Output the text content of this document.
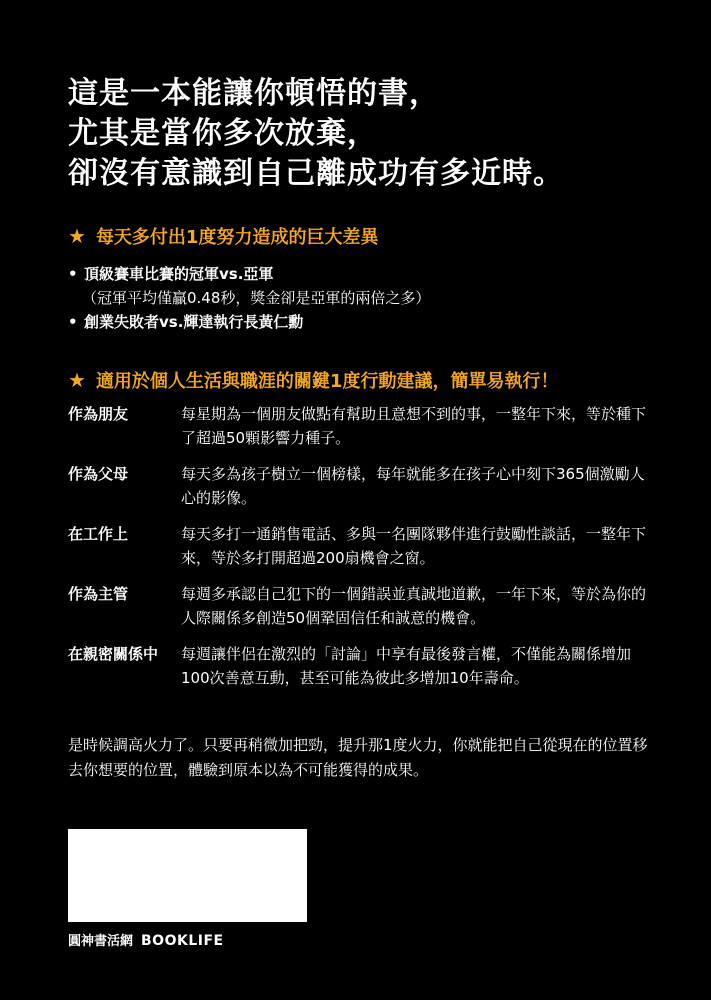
這是一本能讓你頓悟的書，
尤其是當你多次放棄，
卻沒有意識到自己離成功有多近時。
★ 每天多付出1度努力造成的巨大差異
• 頂級賽車比賽的冠軍vs.亞軍
（冠軍平均僅贏0.48秒，獎金卻是亞軍的兩倍之多）
• 創業失敗者vs.輝達執行長黃仁勳
★ 適用於個人生活與職涯的關鍵1度行動建議，簡單易執行！
作為朋友	每星期為一個朋友做點有幫助且意想不到的事，一整年下來，等於種下了超過50顆影響力種子。
作為父母	每天多為孩子樹立一個榜樣，每年就能多在孩子心中刻下365個激勵人心的影像。
在工作上	每天多打一通銷售電話、多與一名團隊夥伴進行鼓勵性談話，一整年下來，等於多打開超過200扇機會之窗。
作為主管	每週多承認自己犯下的一個錯誤並真誠地道歉，一年下來，等於為你的人際關係多創造50個鞏固信任和誠意的機會。
在親密關係中	每週讓伴侶在激烈的「討論」中享有最後發言權，不僅能為關係增加100次善意互動，甚至可能為彼此多增加10年壽命。

是時候調高火力了。只要再稍微加把勁，提升那1度火力，你就能把自己從現在的位置移去你想要的位置，體驗到原本以為不可能獲得的成果。

圓神書活網 BOOKLIFE
